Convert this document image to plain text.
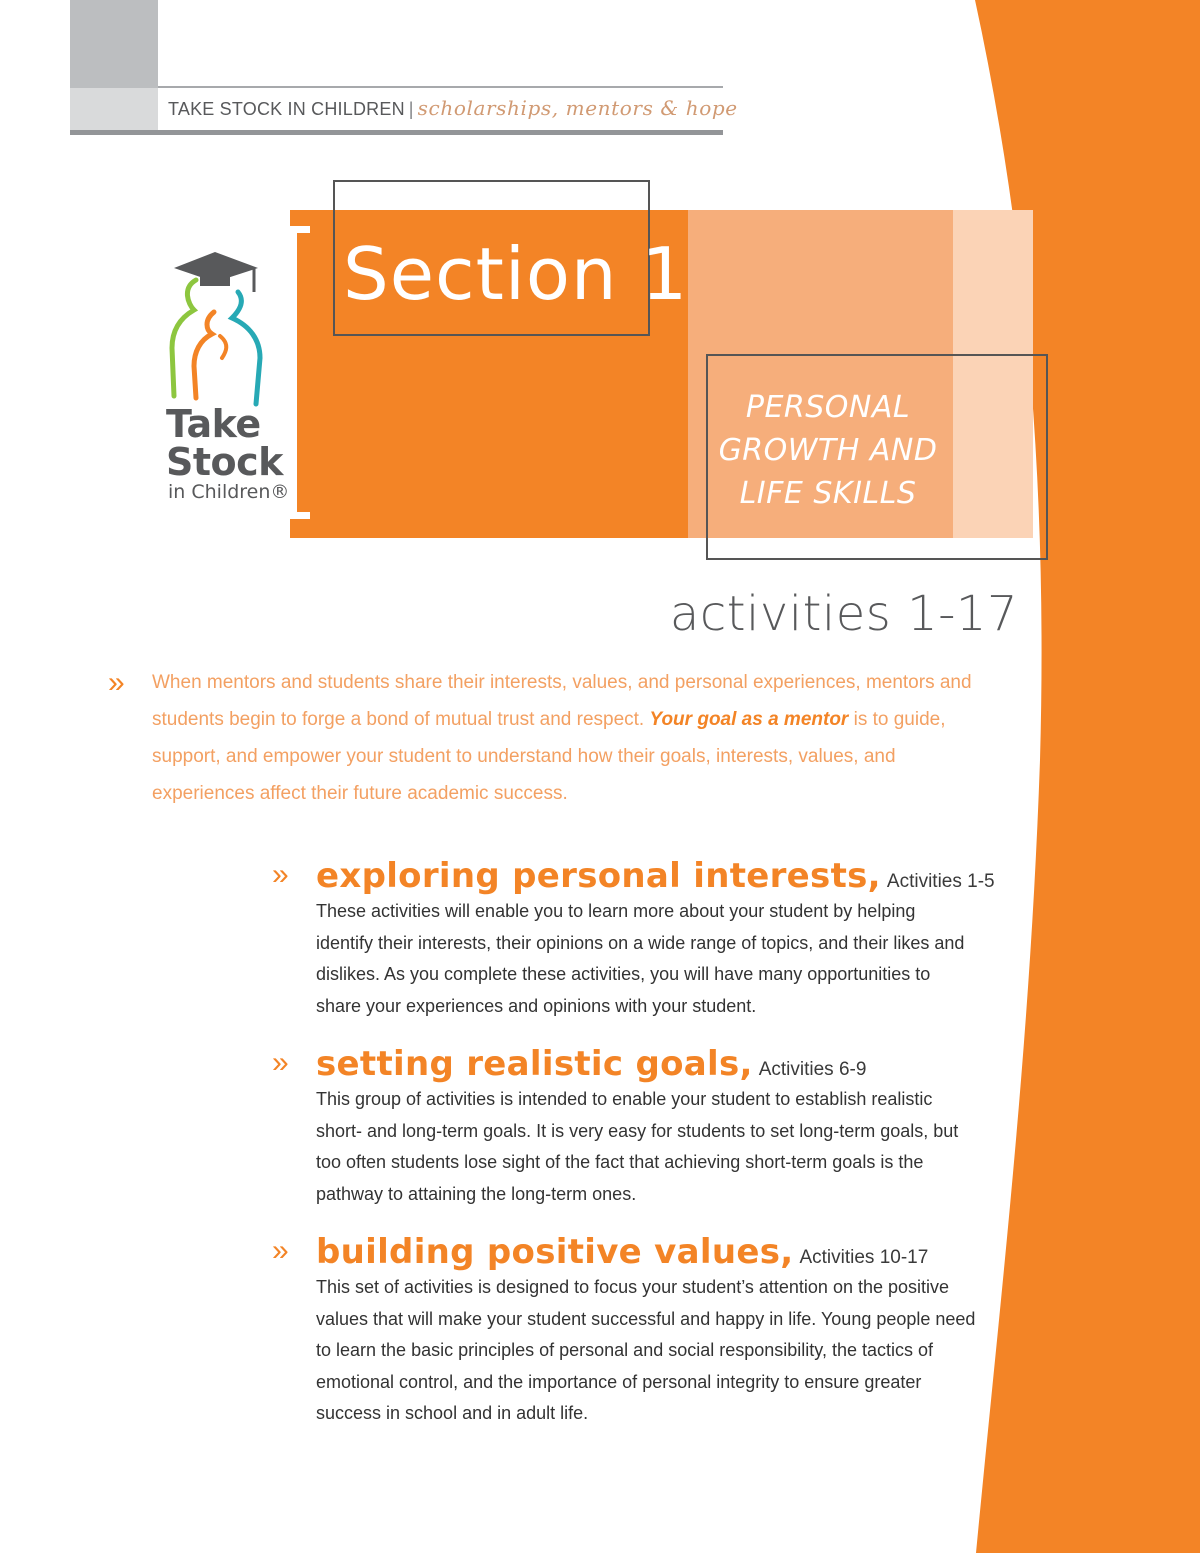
TAKE STOCK IN CHILDREN | scholarships, mentors & hope
Section 1
PERSONAL
GROWTH AND
LIFE SKILLS
Take
Stock
in Children®
activities 1-17
» When mentors and students share their interests, values, and personal experiences, mentors and students begin to forge a bond of mutual trust and respect. Your goal as a mentor is to guide, support, and empower your student to understand how their goals, interests, values, and experiences affect their future academic success.
» exploring personal interests, Activities 1-5
These activities will enable you to learn more about your student by helping identify their interests, their opinions on a wide range of topics, and their likes and dislikes. As you complete these activities, you will have many opportunities to share your experiences and opinions with your student.
» setting realistic goals, Activities 6-9
This group of activities is intended to enable your student to establish realistic short- and long-term goals. It is very easy for students to set long-term goals, but too often students lose sight of the fact that achieving short-term goals is the pathway to attaining the long-term ones.
» building positive values, Activities 10-17
This set of activities is designed to focus your student’s attention on the positive values that will make your student successful and happy in life. Young people need to learn the basic principles of personal and social responsibility, the tactics of emotional control, and the importance of personal integrity to ensure greater success in school and in adult life.
